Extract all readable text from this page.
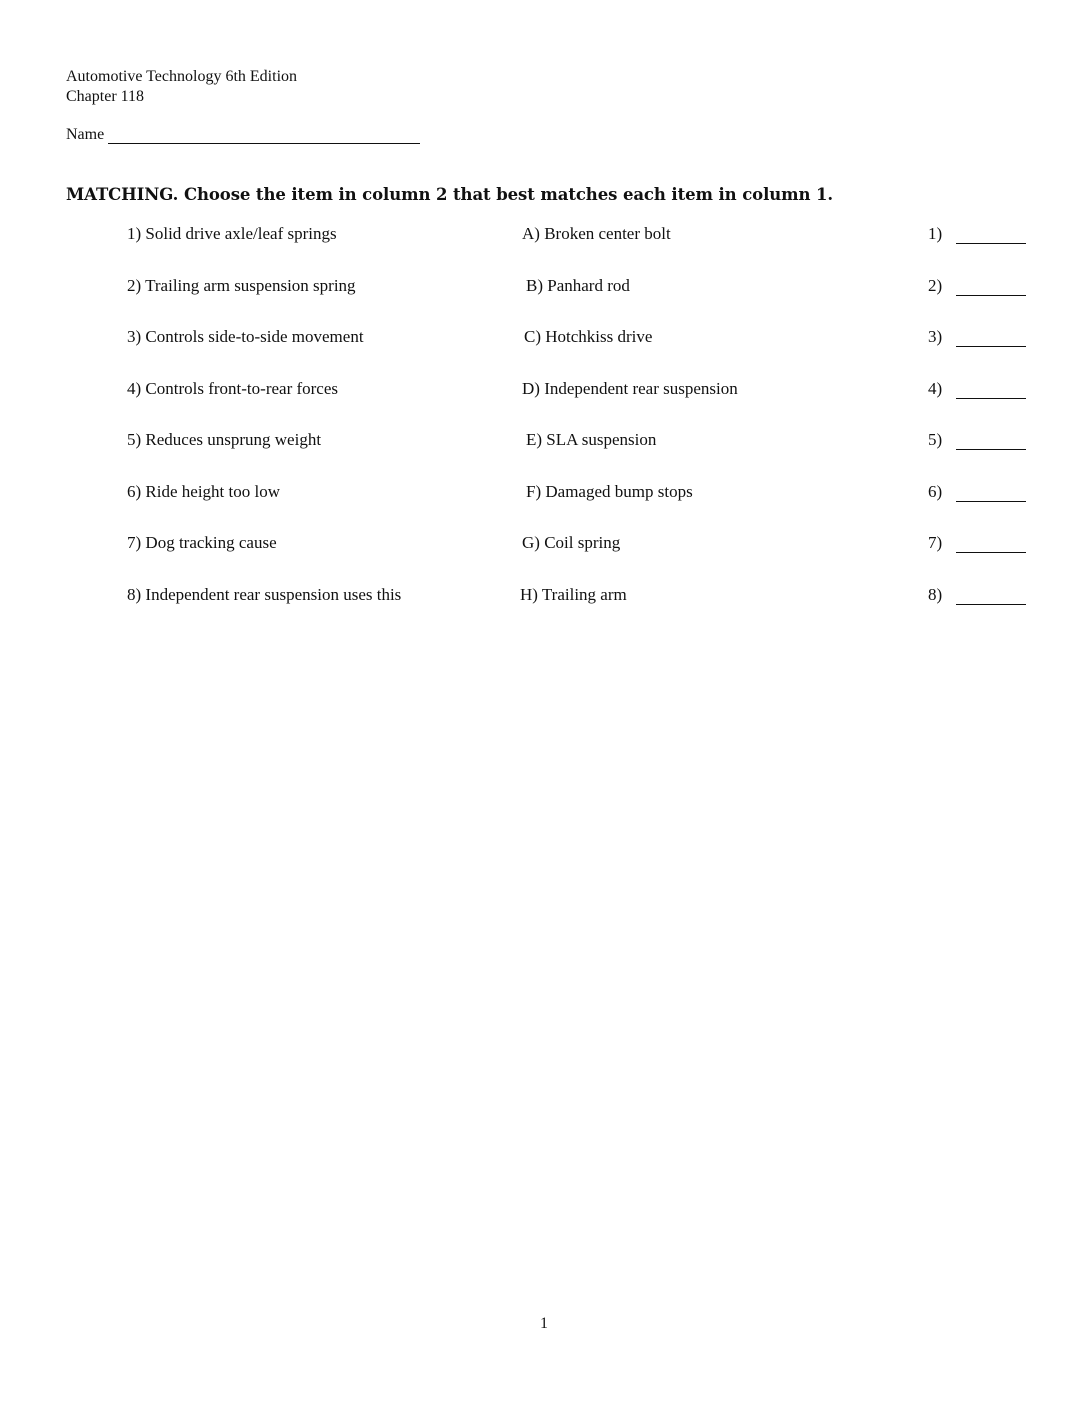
Automotive Technology 6th Edition
Chapter 118
Name
MATCHING. Choose the item in column 2 that best matches each item in column 1.
1) Solid drive axle/leaf springs	A) Broken center bolt	1)
2) Trailing arm suspension spring	B) Panhard rod	2)
3) Controls side-to-side movement	C) Hotchkiss drive	3)
4) Controls front-to-rear forces	D) Independent rear suspension	4)
5) Reduces unsprung weight	E) SLA suspension	5)
6) Ride height too low	F) Damaged bump stops	6)
7) Dog tracking cause	G) Coil spring	7)
8) Independent rear suspension uses this	H) Trailing arm	8)
1
